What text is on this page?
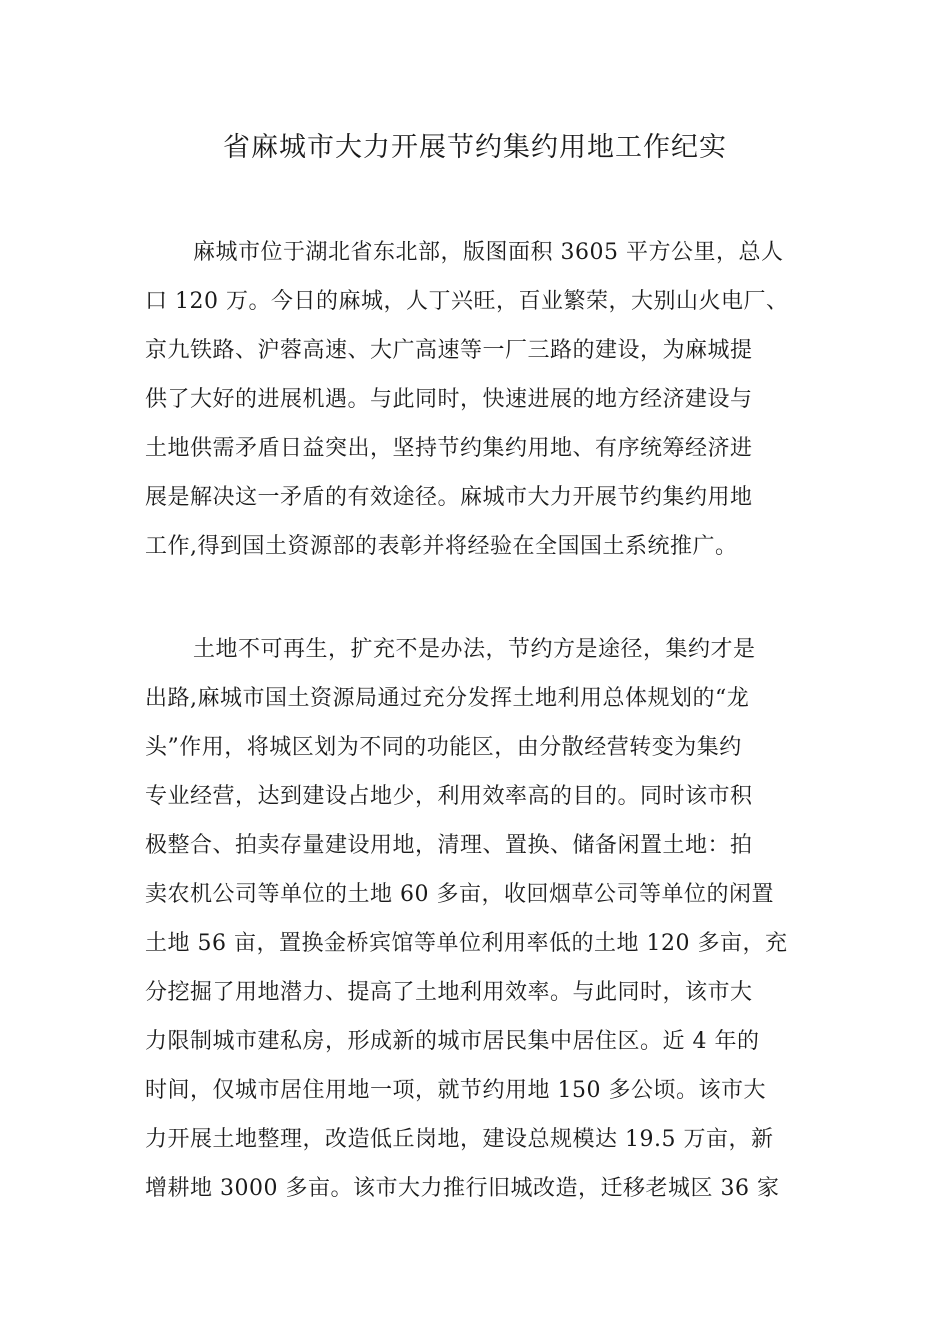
省麻城市大力开展节约集约用地工作纪实
麻城市位于湖北省东北部，版图面积 3605 平方公里，总人
口 120 万。今日的麻城，人丁兴旺，百业繁荣，大别山火电厂、
京九铁路、沪蓉高速、大广高速等一厂三路的建设，为麻城提
供了大好的进展机遇。与此同时，快速进展的地方经济建设与
土地供需矛盾日益突出，坚持节约集约用地、有序统筹经济进
展是解决这一矛盾的有效途径。麻城市大力开展节约集约用地
工作,得到国土资源部的表彰并将经验在全国国土系统推广。
土地不可再生，扩充不是办法，节约方是途径，集约才是
出路,麻城市国土资源局通过充分发挥土地利用总体规划的“龙
头”作用，将城区划为不同的功能区，由分散经营转变为集约
专业经营，达到建设占地少，利用效率高的目的。同时该市积
极整合、拍卖存量建设用地，清理、置换、储备闲置土地：拍
卖农机公司等单位的土地 60 多亩，收回烟草公司等单位的闲置
土地 56 亩，置换金桥宾馆等单位利用率低的土地 120 多亩，充
分挖掘了用地潜力、提高了土地利用效率。与此同时，该市大
力限制城市建私房，形成新的城市居民集中居住区。近 4 年的
时间，仅城市居住用地一项，就节约用地 150 多公顷。该市大
力开展土地整理，改造低丘岗地，建设总规模达 19.5 万亩，新
增耕地 3000 多亩。该市大力推行旧城改造，迁移老城区 36 家
